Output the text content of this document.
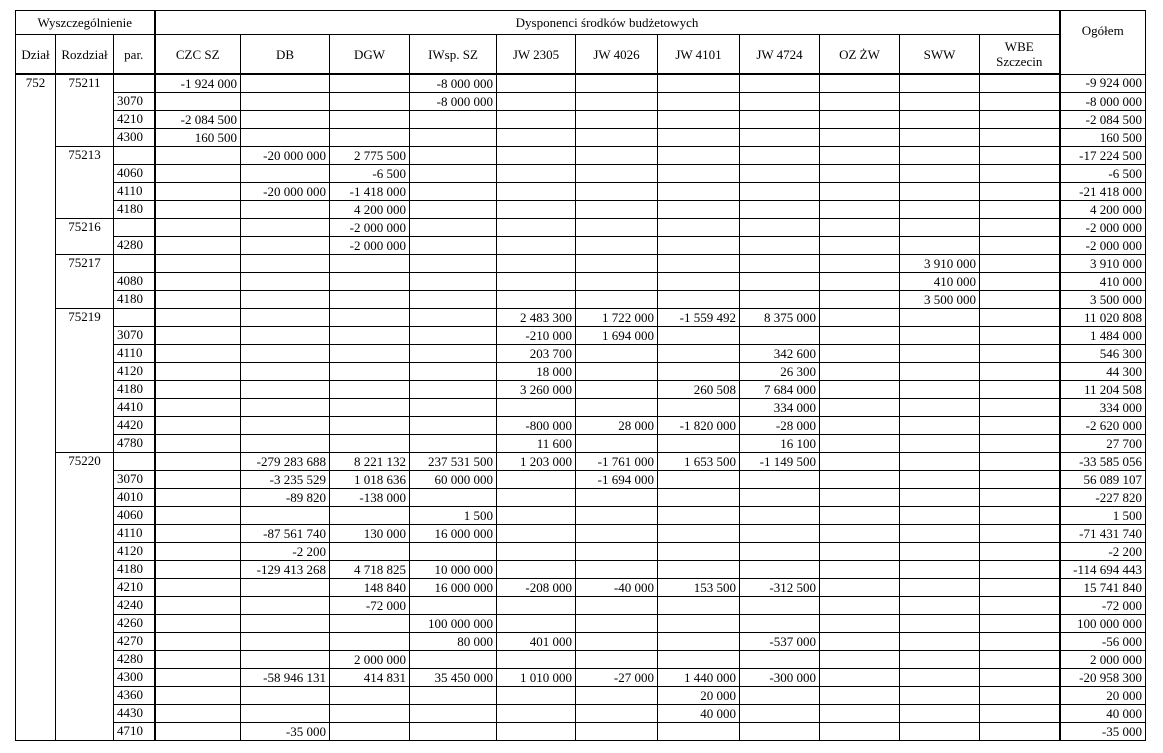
Wyszczególnienie			Dysponenci środków budżetowych											Ogółem
Dział	Rozdział	par.	CZC SZ	DB	DGW	IWsp. SZ	JW 2305	JW 4026	JW 4101	JW 4724	OZ ŻW	SWW	WBE Szczecin	
752	75211		-1 924 000			-8 000 000								-9 924 000
		3070				-8 000 000								-8 000 000
		4210	-2 084 500											-2 084 500
		4300	160 500											160 500
	75213			-20 000 000	2 775 500									-17 224 500
		4060			-6 500									-6 500
		4110		-20 000 000	-1 418 000									-21 418 000
		4180			4 200 000									4 200 000
	75216				-2 000 000									-2 000 000
		4280			-2 000 000									-2 000 000
	75217											3 910 000		3 910 000
		4080										410 000		410 000
		4180										3 500 000		3 500 000
	75219						2 483 300	1 722 000	-1 559 492	8 375 000				11 020 808
		3070					-210 000	1 694 000						1 484 000
		4110					203 700			342 600				546 300
		4120					18 000			26 300				44 300
		4180					3 260 000		260 508	7 684 000				11 204 508
		4410								334 000				334 000
		4420					-800 000	28 000	-1 820 000	-28 000				-2 620 000
		4780					11 600			16 100				27 700
	75220			-279 283 688	8 221 132	237 531 500	1 203 000	-1 761 000	1 653 500	-1 149 500				-33 585 056
		3070		-3 235 529	1 018 636	60 000 000		-1 694 000						56 089 107
		4010		-89 820	-138 000									-227 820
		4060				1 500								1 500
		4110		-87 561 740	130 000	16 000 000								-71 431 740
		4120		-2 200										-2 200
		4180		-129 413 268	4 718 825	10 000 000								-114 694 443
		4210			148 840	16 000 000	-208 000	-40 000	153 500	-312 500				15 741 840
		4240			-72 000									-72 000
		4260				100 000 000								100 000 000
		4270				80 000	401 000			-537 000				-56 000
		4280			2 000 000									2 000 000
		4300		-58 946 131	414 831	35 450 000	1 010 000	-27 000	1 440 000	-300 000				-20 958 300
		4360							20 000					20 000
		4430							40 000					40 000
		4710		-35 000										-35 000
